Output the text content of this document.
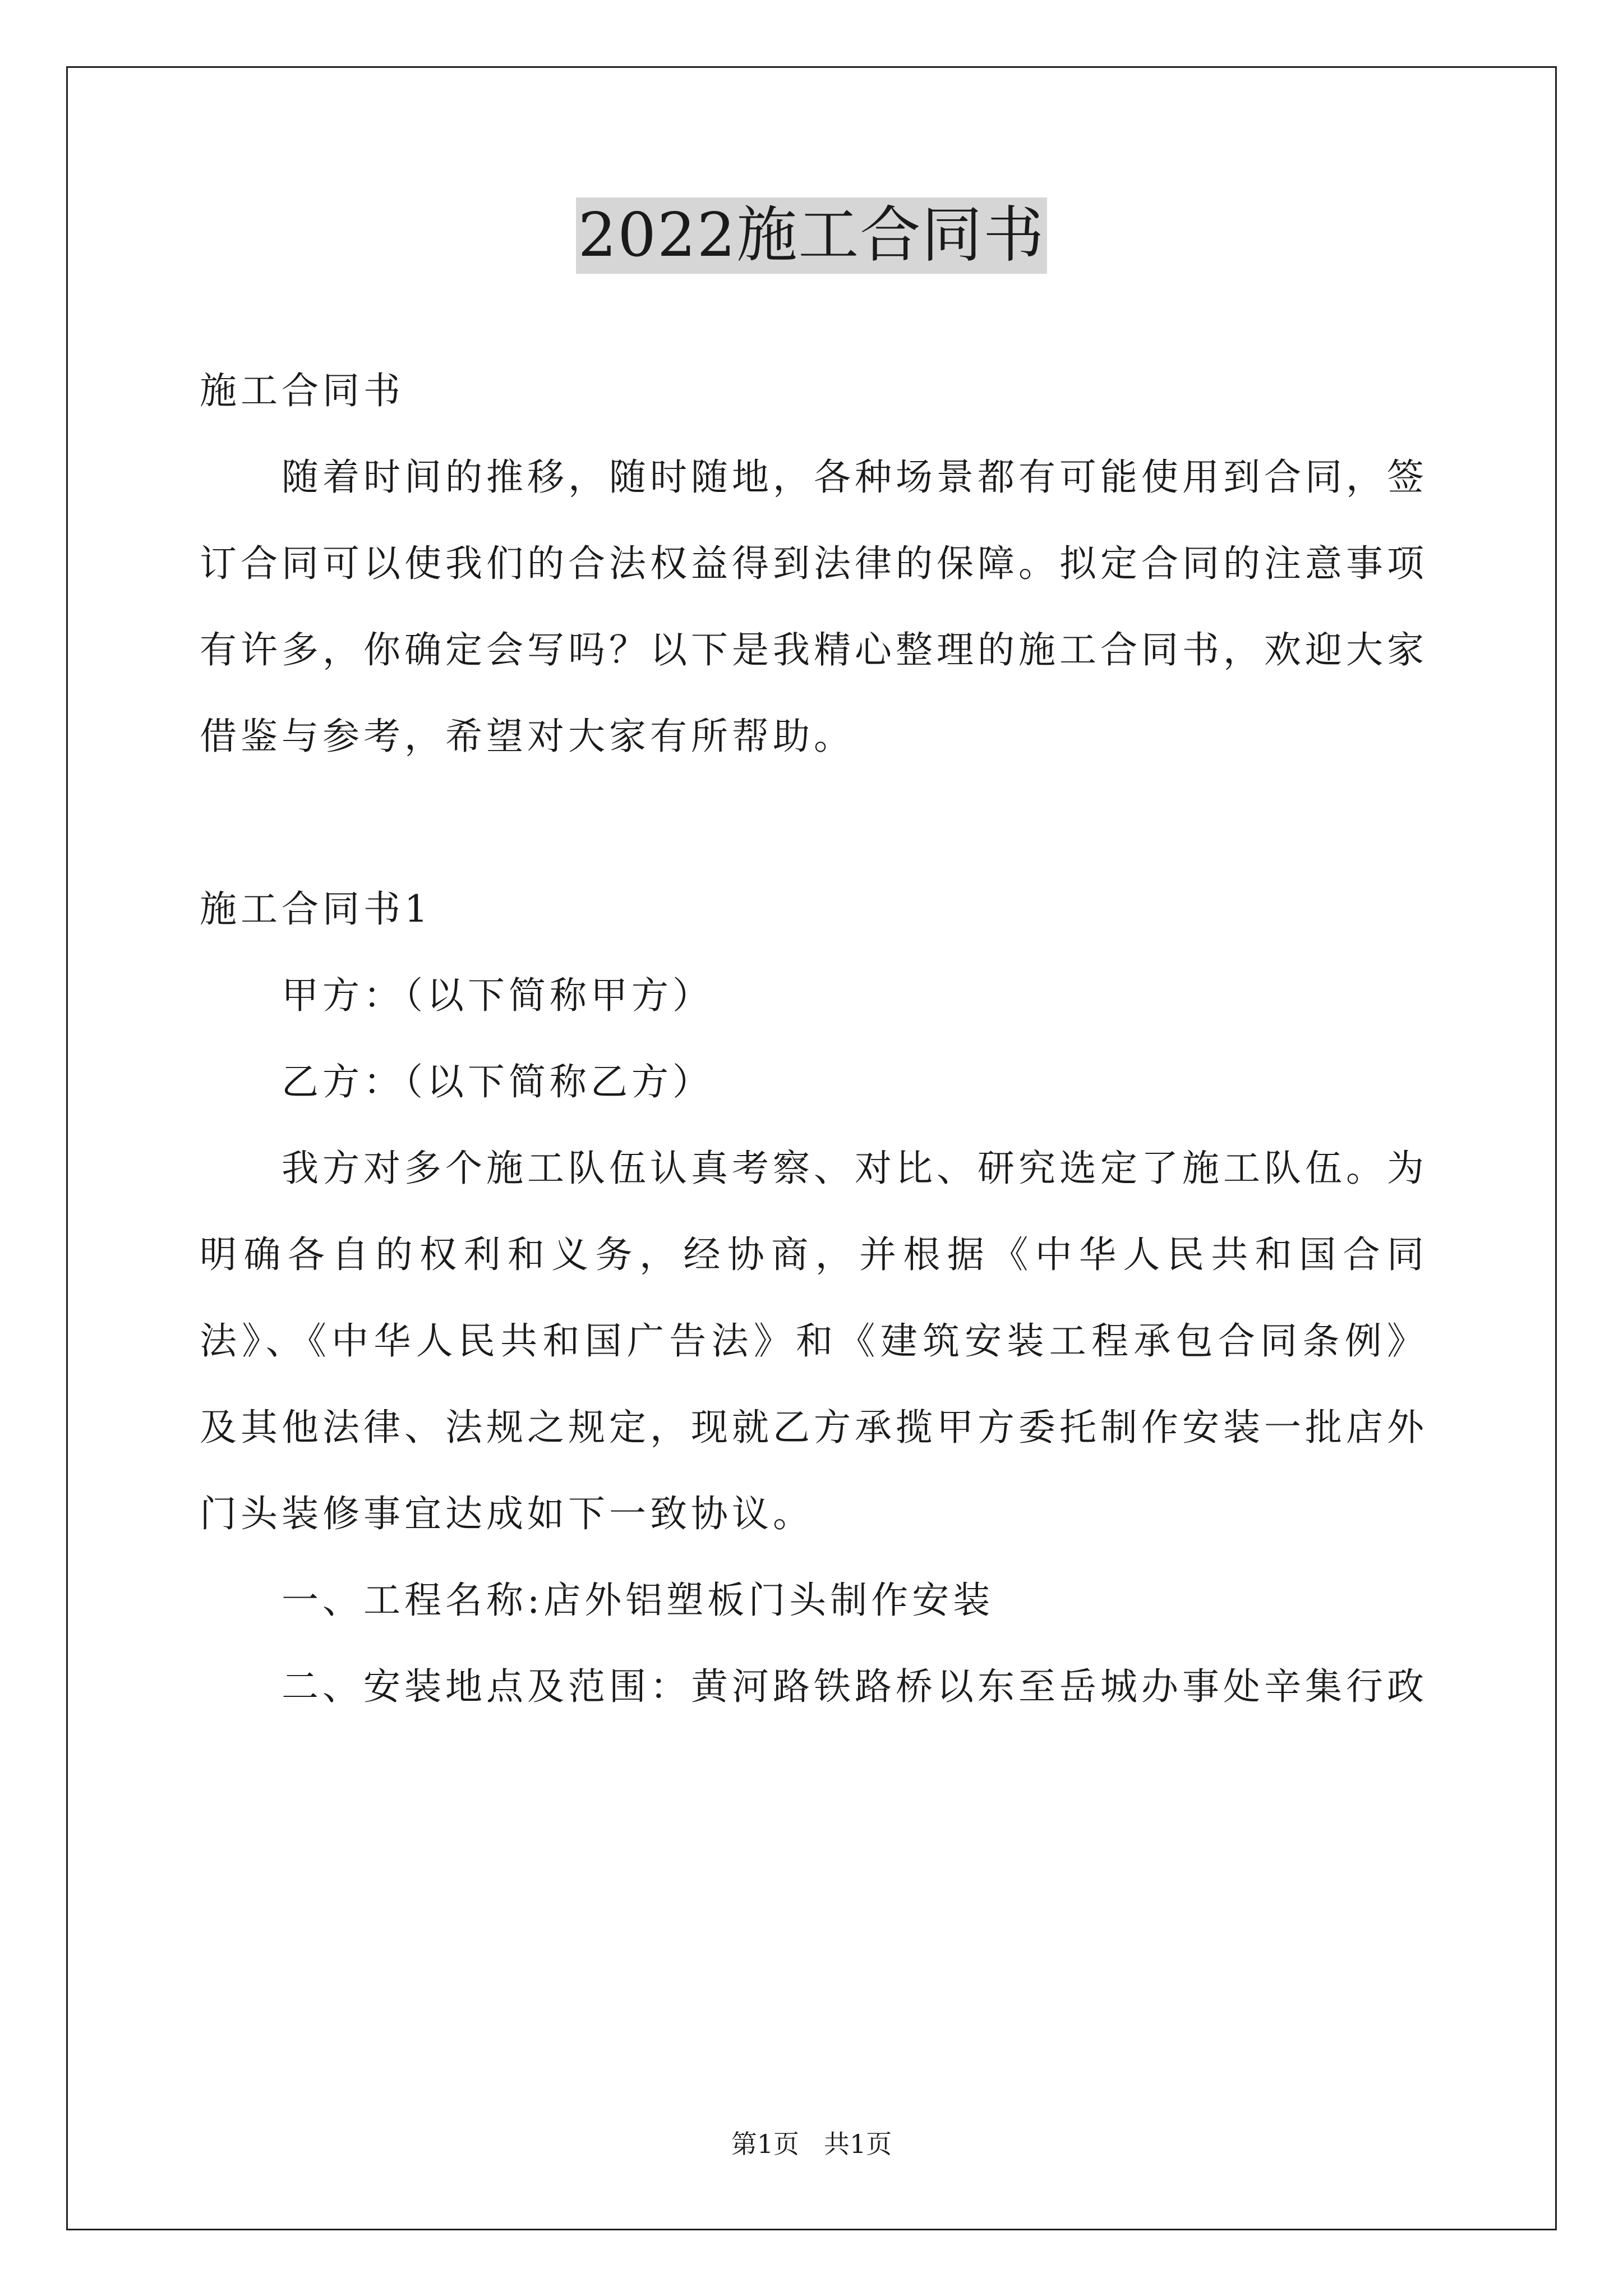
2022施工合同书

施工合同书

随着时间的推移，随时随地，各种场景都有可能使用到合同，签订合同可以使我们的合法权益得到法律的保障。拟定合同的注意事项有许多，你确定会写吗？以下是我精心整理的施工合同书，欢迎大家借鉴与参考，希望对大家有所帮助。

施工合同书1

甲方：（以下简称甲方）

乙方：（以下简称乙方）

我方对多个施工队伍认真考察、对比、研究选定了施工队伍。为明确各自的权利和义务，经协商，并根据《中华人民共和国合同法》、《中华人民共和国广告法》和《建筑安装工程承包合同条例》及其他法律、法规之规定，现就乙方承揽甲方委托制作安装一批店外门头装修事宜达成如下一致协议。

一、工程名称:店外铝塑板门头制作安装

二、安装地点及范围：黄河路铁路桥以东至岳城办事处辛集行政

第1页 共1页
